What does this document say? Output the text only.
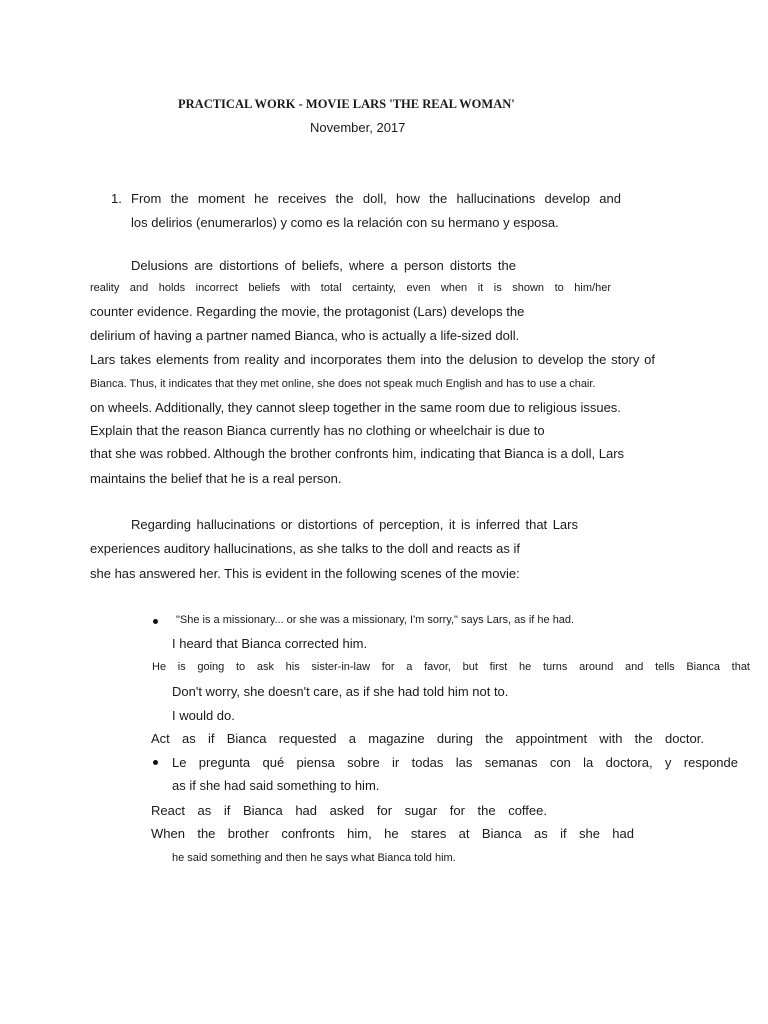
PRACTICAL WORK - MOVIE LARS 'THE REAL WOMAN'
November, 2017
1. From the moment he receives the doll, how the hallucinations develop and
los delirios (enumerarlos) y como es la relación con su hermano y esposa.
Delusions are distortions of beliefs, where a person distorts the
reality and holds incorrect beliefs with total certainty, even when it is shown to him/her
counter evidence. Regarding the movie, the protagonist (Lars) develops the
delirium of having a partner named Bianca, who is actually a life-sized doll.
Lars takes elements from reality and incorporates them into the delusion to develop the story of
Bianca. Thus, it indicates that they met online, she does not speak much English and has to use a chair.
on wheels. Additionally, they cannot sleep together in the same room due to religious issues.
Explain that the reason Bianca currently has no clothing or wheelchair is due to
that she was robbed. Although the brother confronts him, indicating that Bianca is a doll, Lars
maintains the belief that he is a real person.
Regarding hallucinations or distortions of perception, it is inferred that Lars
experiences auditory hallucinations, as she talks to the doll and reacts as if
she has answered her. This is evident in the following scenes of the movie:
"She is a missionary... or she was a missionary, I'm sorry," says Lars, as if he had.
I heard that Bianca corrected him.
He is going to ask his sister-in-law for a favor, but first he turns around and tells Bianca that
Don't worry, she doesn't care, as if she had told him not to.
I would do.
Act as if Bianca requested a magazine during the appointment with the doctor.
Le pregunta qué piensa sobre ir todas las semanas con la doctora, y responde
as if she had said something to him.
React as if Bianca had asked for sugar for the coffee.
When the brother confronts him, he stares at Bianca as if she had
he said something and then he says what Bianca told him.
